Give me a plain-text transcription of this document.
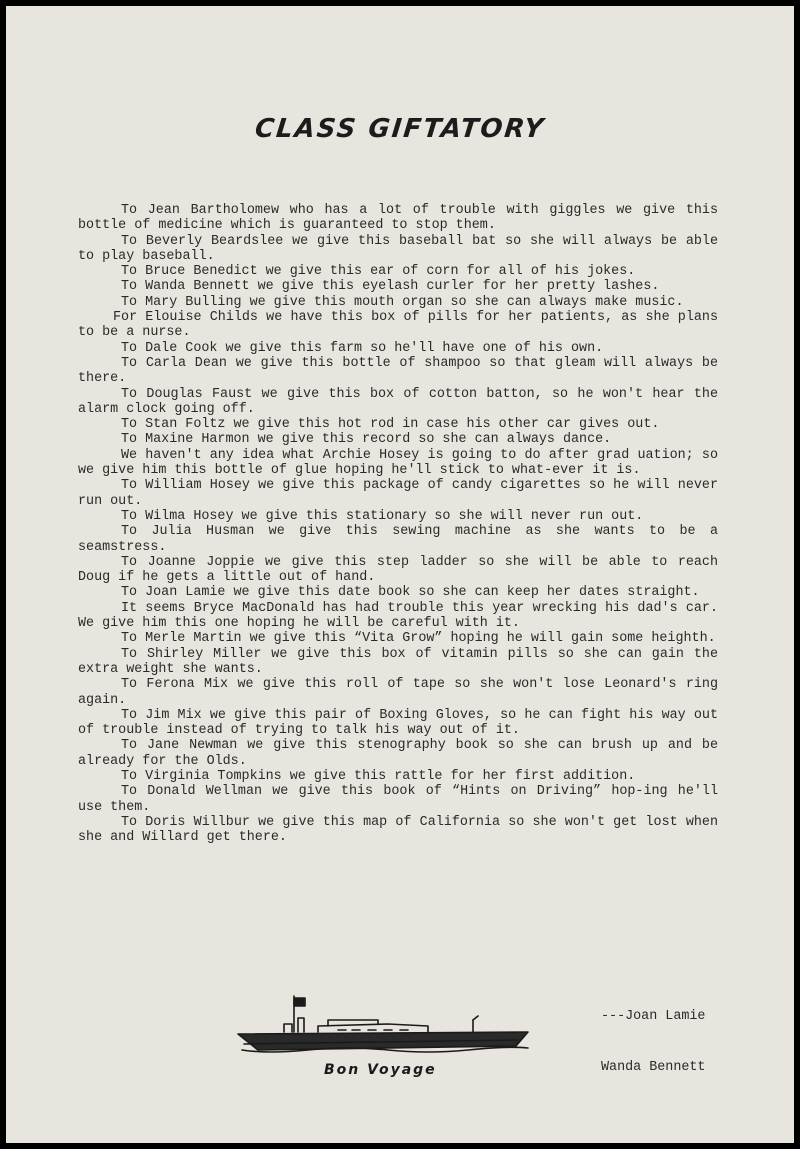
CLASS GIFTATORY

To Jean Bartholomew who has a lot of trouble with giggles we give this bottle of medicine which is guaranteed to stop them.

To Beverly Beardslee we give this baseball bat so she will always be able to play baseball.

To Bruce Benedict we give this ear of corn for all of his jokes.

To Wanda Bennett we give this eyelash curler for her pretty lashes.

To Mary Bulling we give this mouth organ so she can always make music.

For Elouise Childs we have this box of pills for her patients, as she plans to be a nurse.

To Dale Cook we give this farm so he'll have one of his own.

To Carla Dean we give this bottle of shampoo so that gleam will always be there.

To Douglas Faust we give this box of cotton batton, so he won't hear the alarm clock going off.

To Stan Foltz we give this hot rod in case his other car gives out.

To Maxine Harmon we give this record so she can always dance.

We haven't any idea what Archie Hosey is going to do after grad uation; so we give him this bottle of glue hoping he'll stick to what-ever it is.

To William Hosey we give this package of candy cigarettes so he will never run out.

To Wilma Hosey we give this stationary so she will never run out.

To Julia Husman we give this sewing machine as she wants to be a seamstress.

To Joanne Joppie we give this step ladder so she will be able to reach Doug if he gets a little out of hand.

To Joan Lamie we give this date book so she can keep her dates straight.

It seems Bryce MacDonald has had trouble this year wrecking his dad's car. We give him this one hoping he will be careful with it.

To Merle Martin we give this “Vita Grow” hoping he will gain some heighth.

To Shirley Miller we give this box of vitamin pills so she can gain the extra weight she wants.

To Ferona Mix we give this roll of tape so she won't lose Leonard's ring again.

To Jim Mix we give this pair of Boxing Gloves, so he can fight his way out of trouble instead of trying to talk his way out of it.

To Jane Newman we give this stenography book so she can brush up and be already for the Olds.

To Virginia Tompkins we give this rattle for her first addition.

To Donald Wellman we give this book of “Hints on Driving” hop-ing he'll use them.

To Doris Willbur we give this map of California so she won't get lost when she and Willard get there.

---Joan Lamie

Wanda Bennett

Bon Voyage
